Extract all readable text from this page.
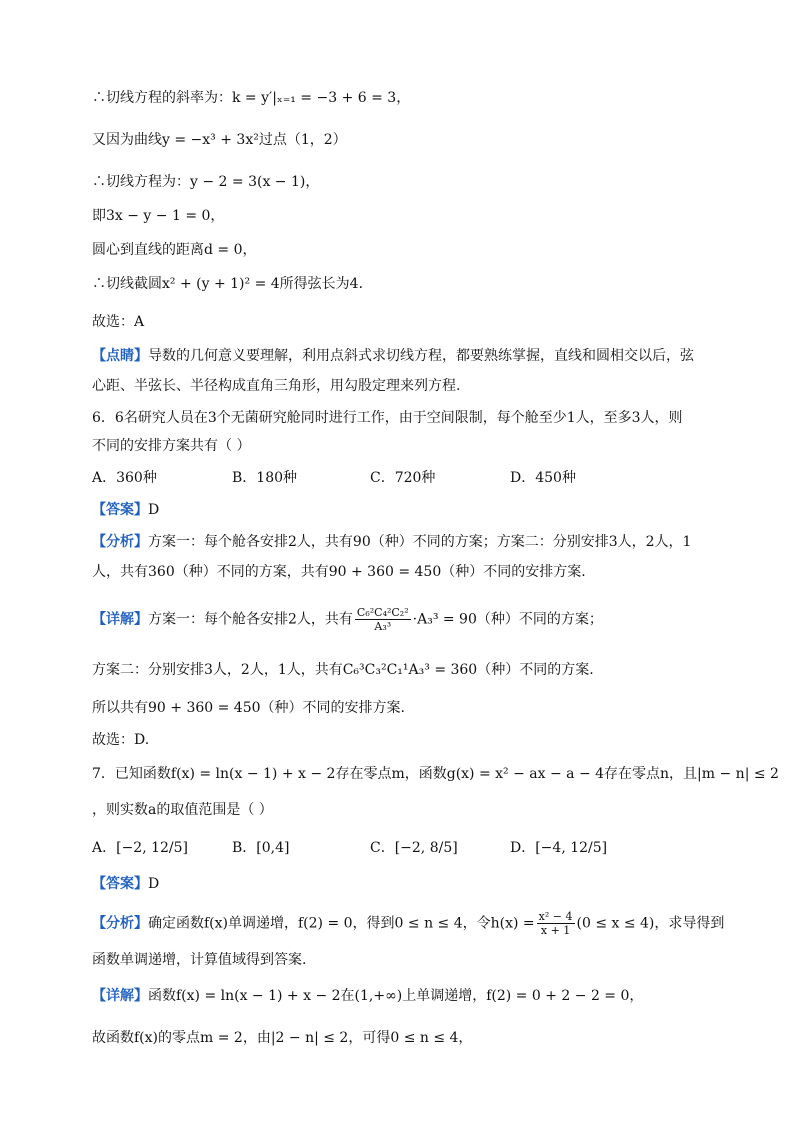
∴切线方程的斜率为：k = y′|ₓ₌₁ = −3 + 6 = 3，
又因为曲线y = −x³ + 3x²过点（1，2）
∴切线方程为：y − 2 = 3(x − 1)，
即3x − y − 1 = 0，
圆心到直线的距离d = 0，
∴切线截圆x² + (y + 1)² = 4所得弦长为4．
故选：A
【点睛】导数的几何意义要理解，利用点斜式求切线方程，都要熟练掌握，直线和圆相交以后，弦
心距、半弦长、半径构成直角三角形，用勾股定理来列方程.
6．6名研究人员在3个无菌研究舱同时进行工作，由于空间限制，每个舱至少1人，至多3人，则
不同的安排方案共有（ ）
A．360种	B．180种	C．720种	D．450种
【答案】D
【分析】方案一：每个舱各安排2人，共有90（种）不同的方案；方案二：分别安排3人，2人，1
人，共有360（种）不同的方案，共有90 + 360 = 450（种）不同的安排方案.
【详解】方案一：每个舱各安排2人，共有 $\frac{\text{C₆²C₄²C₂²}}{\text{A₃³}} \cdot A_3^3 = 90$（种）不同的方案；
方案二：分别安排3人，2人，1人，共有C₆³C₃²C₁¹A₃³ = 360（种）不同的方案.
所以共有90 + 360 = 450（种）不同的安排方案.
故选：D.
7．已知函数f(x) = ln(x − 1) + x − 2存在零点m，函数g(x) = x² − ax − a − 4存在零点n，且|m − n| ≤ 2
，则实数a的取值范围是（ ）
A．[−2, 12/5]	B．[0,4]	C．[−2, 8/5]	D．[−4, 12/5]
【答案】D
【分析】确定函数f(x)单调递增，f(2) = 0，得到0 ≤ n ≤ 4，令$h(x) = \frac{\text{x² − 4}}{x + 1} (0 \le x \le 4)$，求导得到
函数单调递增，计算值域得到答案.
【详解】函数f(x) = ln(x − 1) + x − 2在(1,+∞)上单调递增，f(2) = 0 + 2 − 2 = 0，
故函数f(x)的零点m = 2，由|2 − n| ≤ 2，可得0 ≤ n ≤ 4，
